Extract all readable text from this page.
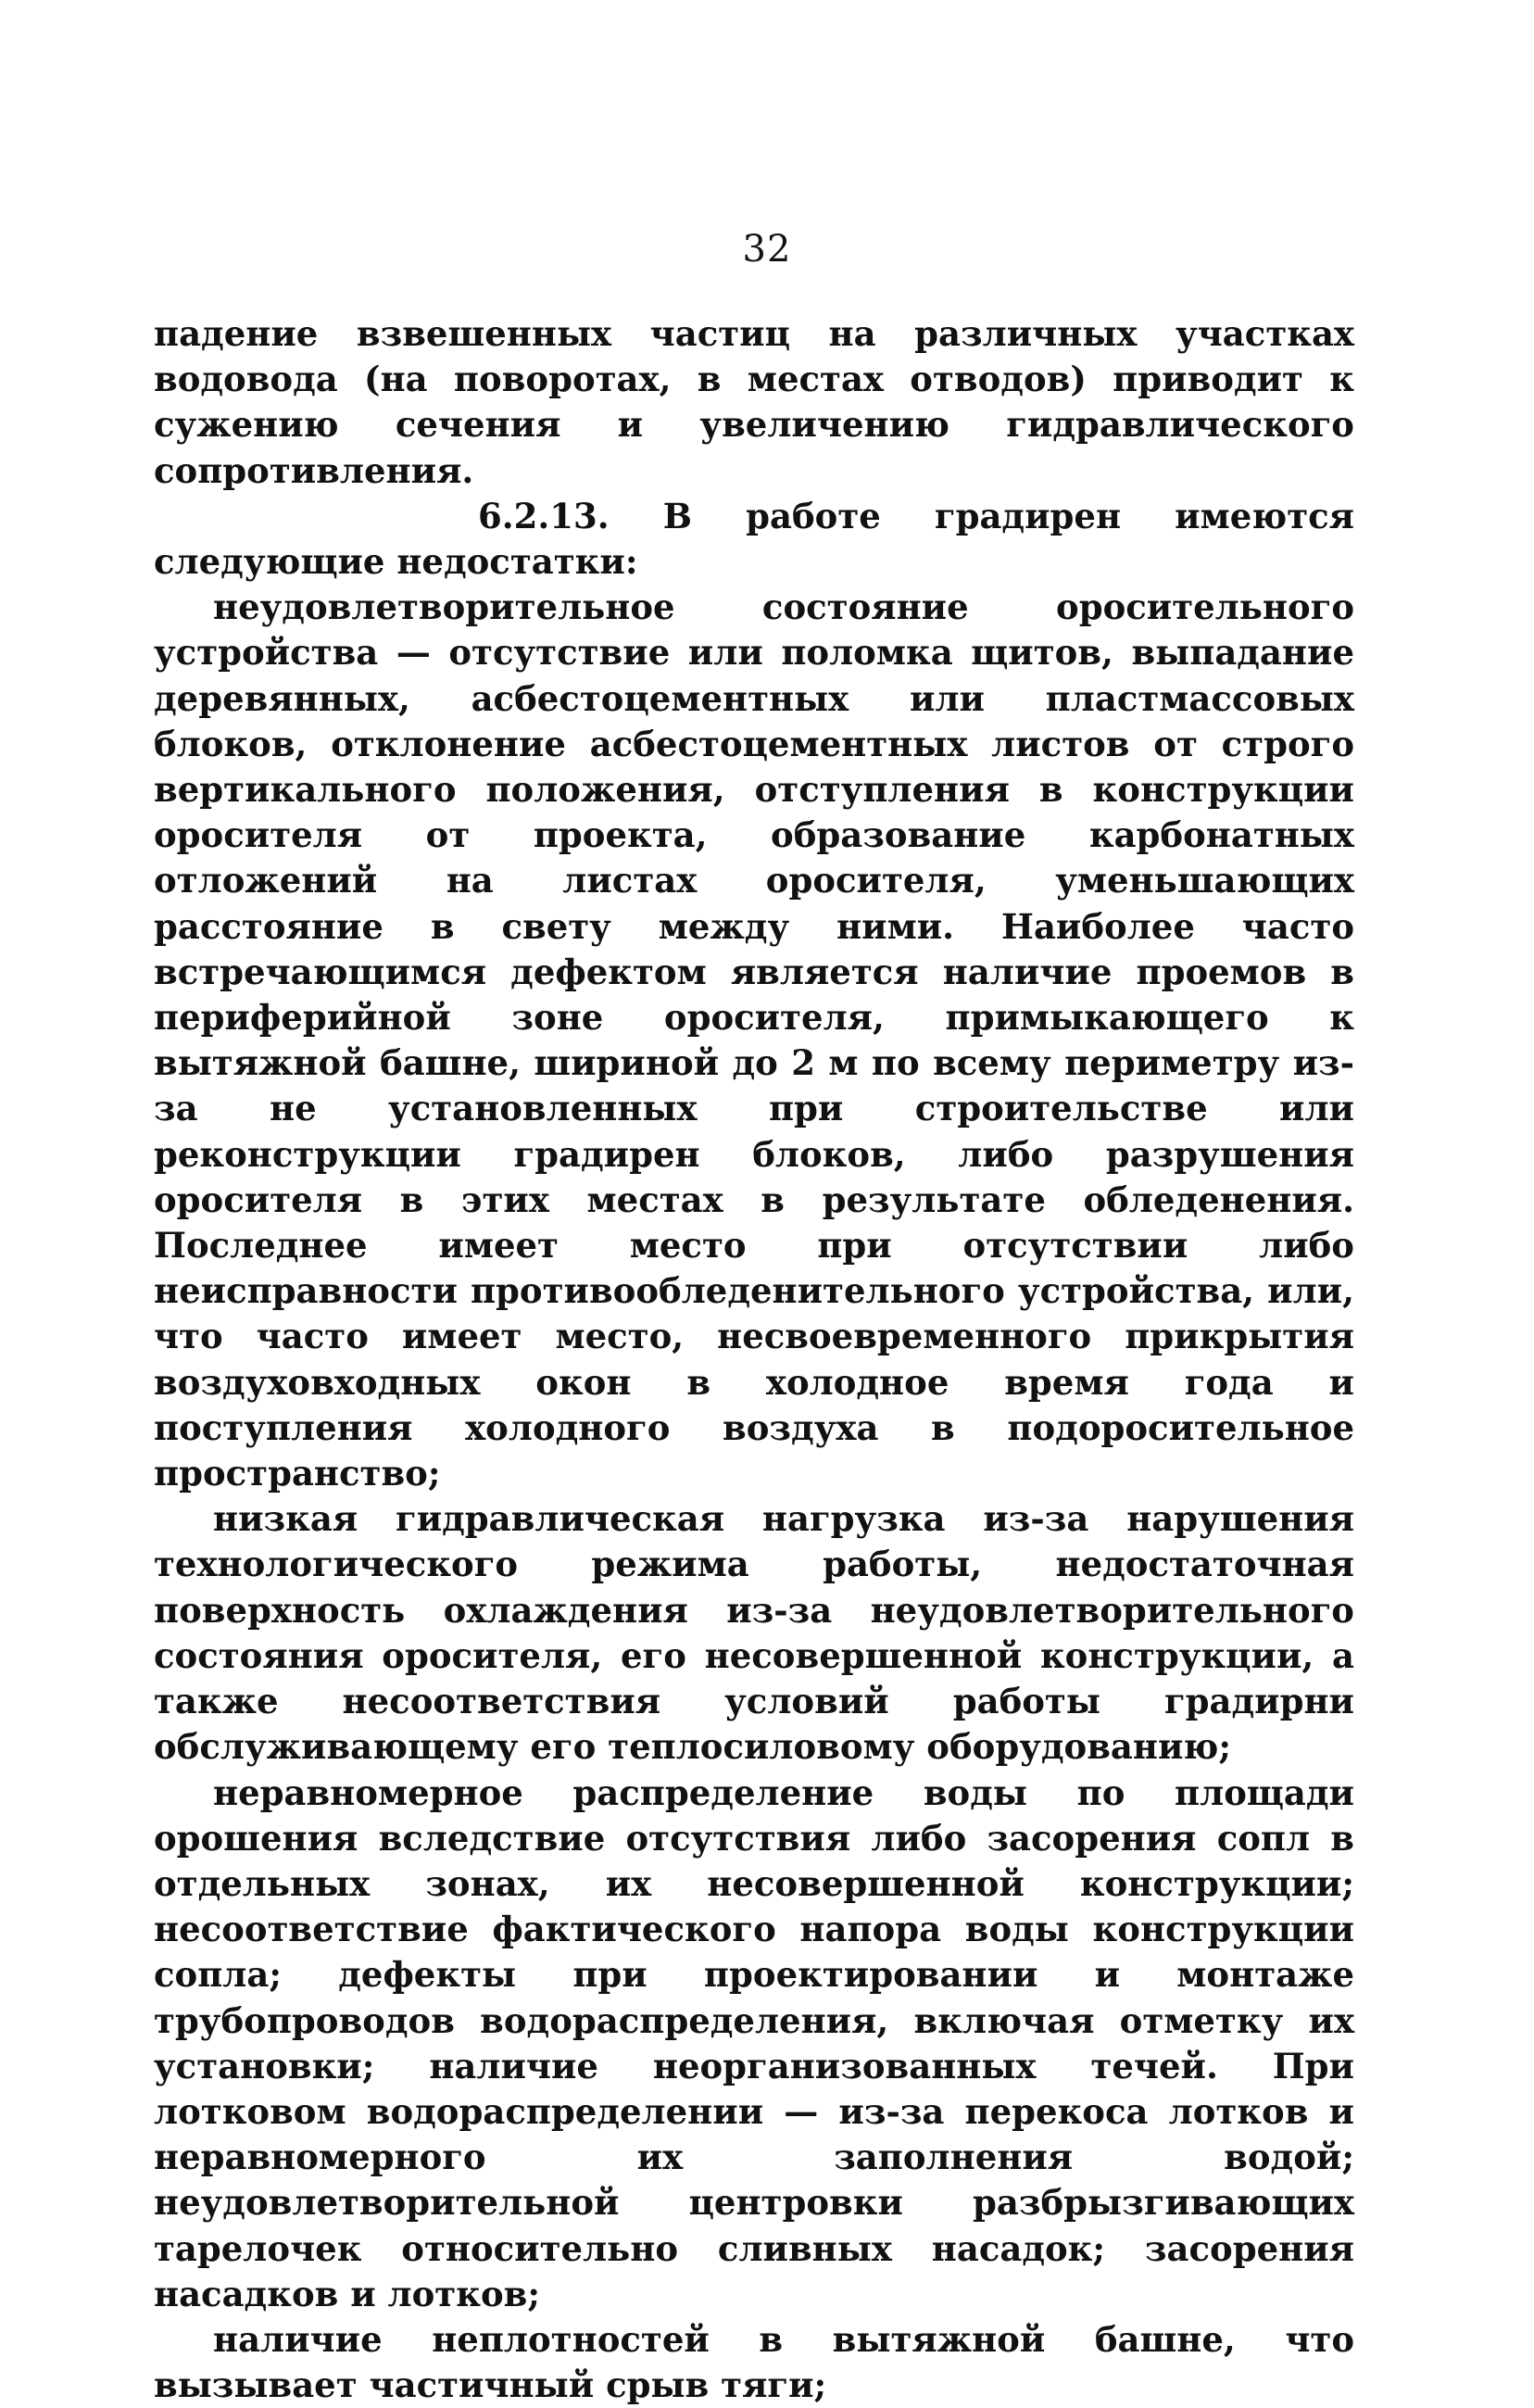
32

падение взвешенных частиц на различных участках водовода (на поворотах, в местах отводов) приводит к сужению сечения и увеличению гидравлического сопротивления.

6.2.13. В работе градирен имеются следующие недостатки:

неудовлетворительное состояние оросительного устройства — отсутствие или поломка щитов, выпадание деревянных, асбестоцементных или пластмассовых блоков, отклонение асбестоцементных листов от строго вертикального положения, отступления в конструкции оросителя от проекта, образование карбонатных отложений на листах оросителя, уменьшающих расстояние в свету между ними. Наиболее часто встречающимся дефектом является наличие проемов в периферийной зоне оросителя, примыкающего к вытяжной башне, шириной до 2 м по всему периметру из-за не установленных при строительстве или реконструкции градирен блоков, либо разрушения оросителя в этих местах в результате обледенения. Последнее имеет место при отсутствии либо неисправности противообледенительного устройства, или, что часто имеет место, несвоевременного прикрытия воздуховходных окон в холодное время года и поступления холодного воздуха в подоросительное пространство;

низкая гидравлическая нагрузка из-за нарушения технологического режима работы, недостаточная поверхность охлаждения из-за неудовлетворительного состояния оросителя, его несовершенной конструкции, а также несоответствия условий работы градирни обслуживающему его теплосиловому оборудованию;

неравномерное распределение воды по площади орошения вследствие отсутствия либо засорения сопл в отдельных зонах, их несовершенной конструкции; несоответствие фактического напора воды конструкции сопла; дефекты при проектировании и монтаже трубопроводов водораспределения, включая отметку их установки; наличие неорганизованных течей. При лотковом водораспределении — из-за перекоса лотков и неравномерного их заполнения водой; неудовлетворительной центровки разбрызгивающих тарелочек относительно сливных насадок; засорения насадков и лотков;

наличие неплотностей в вытяжной башне, что вызывает частичный срыв тяги;
